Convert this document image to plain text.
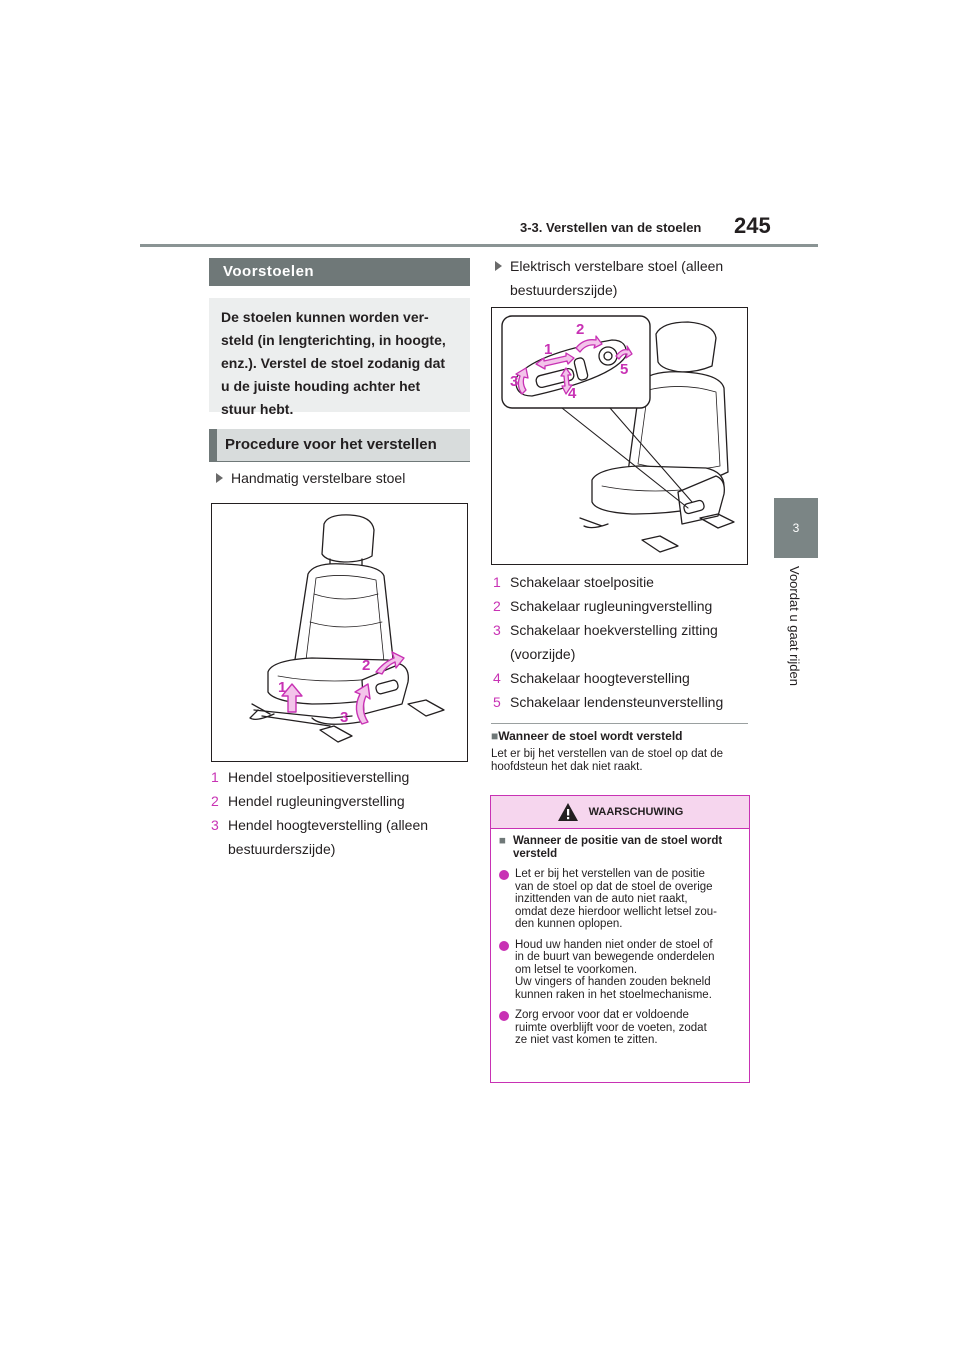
3-3. Verstellen van de stoelen 245
3
Voordat u gaat rijden
Voorstoelen
De stoelen kunnen worden ver-
steld (in lengterichting, in hoogte,
enz.). Verstel de stoel zodanig dat
u de juiste houding achter het
stuur hebt.
Procedure voor het verstellen
Handmatig verstelbare stoel
1
2
3
1 Hendel stoelpositieverstelling
2 Hendel rugleuningverstelling
3 Hendel hoogteverstelling (alleen bestuurderszijde)
Elektrisch verstelbare stoel (alleen bestuurderszijde)
1
2
3
4
5
1 Schakelaar stoelpositie
2 Schakelaar rugleuningverstelling
3 Schakelaar hoekverstelling zitting (voorzijde)
4 Schakelaar hoogteverstelling
5 Schakelaar lendensteunverstelling
■Wanneer de stoel wordt versteld
Let er bij het verstellen van de stoel op dat de hoofdsteun het dak niet raakt.
WAARSCHUWING
■ Wanneer de positie van de stoel wordt versteld
Let er bij het verstellen van de positie
van de stoel op dat de stoel de overige
inzittenden van de auto niet raakt,
omdat deze hierdoor wellicht letsel zou-
den kunnen oplopen.
Houd uw handen niet onder de stoel of
in de buurt van bewegende onderdelen
om letsel te voorkomen.
Uw vingers of handen zouden bekneld
kunnen raken in het stoelmechanisme.
Zorg ervoor voor dat er voldoende
ruimte overblijft voor de voeten, zodat
ze niet vast komen te zitten.
